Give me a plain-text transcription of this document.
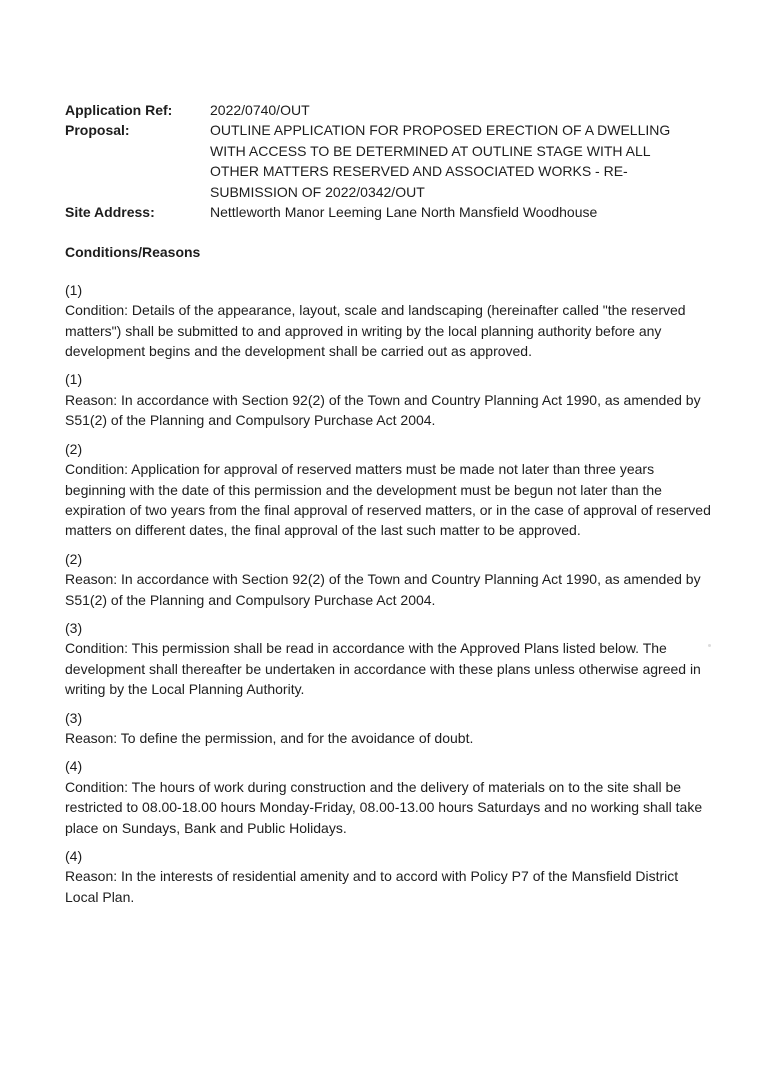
Application Ref:	2022/0740/OUT
Proposal:	OUTLINE APPLICATION FOR PROPOSED ERECTION OF A DWELLING WITH ACCESS TO BE DETERMINED AT OUTLINE STAGE WITH ALL OTHER MATTERS RESERVED AND ASSOCIATED WORKS - RE-SUBMISSION OF 2022/0342/OUT
Site Address:	Nettleworth Manor Leeming Lane North Mansfield Woodhouse
Conditions/Reasons
(1)
Condition: Details of the appearance, layout, scale and landscaping (hereinafter called "the reserved matters") shall be submitted to and approved in writing by the local planning authority before any development begins and the development shall be carried out as approved.
(1)
Reason: In accordance with Section 92(2) of the Town and Country Planning Act 1990, as amended by S51(2) of the Planning and Compulsory Purchase Act 2004.
(2)
Condition: Application for approval of reserved matters must be made not later than three years beginning with the date of this permission and the development must be begun not later than the expiration of two years from the final approval of reserved matters, or in the case of approval of reserved matters on different dates, the final approval of the last such matter to be approved.
(2)
Reason: In accordance with Section 92(2) of the Town and Country Planning Act 1990, as amended by S51(2) of the Planning and Compulsory Purchase Act 2004.
(3)
Condition: This permission shall be read in accordance with the Approved Plans listed below. The development shall thereafter be undertaken in accordance with these plans unless otherwise agreed in writing by the Local Planning Authority.
(3)
Reason: To define the permission, and for the avoidance of doubt.
(4)
Condition: The hours of work during construction and the delivery of materials on to the site shall be restricted to 08.00-18.00 hours Monday-Friday, 08.00-13.00 hours Saturdays and no working shall take place on Sundays, Bank and Public Holidays.
(4)
Reason: In the interests of residential amenity and to accord with Policy P7 of the Mansfield District Local Plan.
